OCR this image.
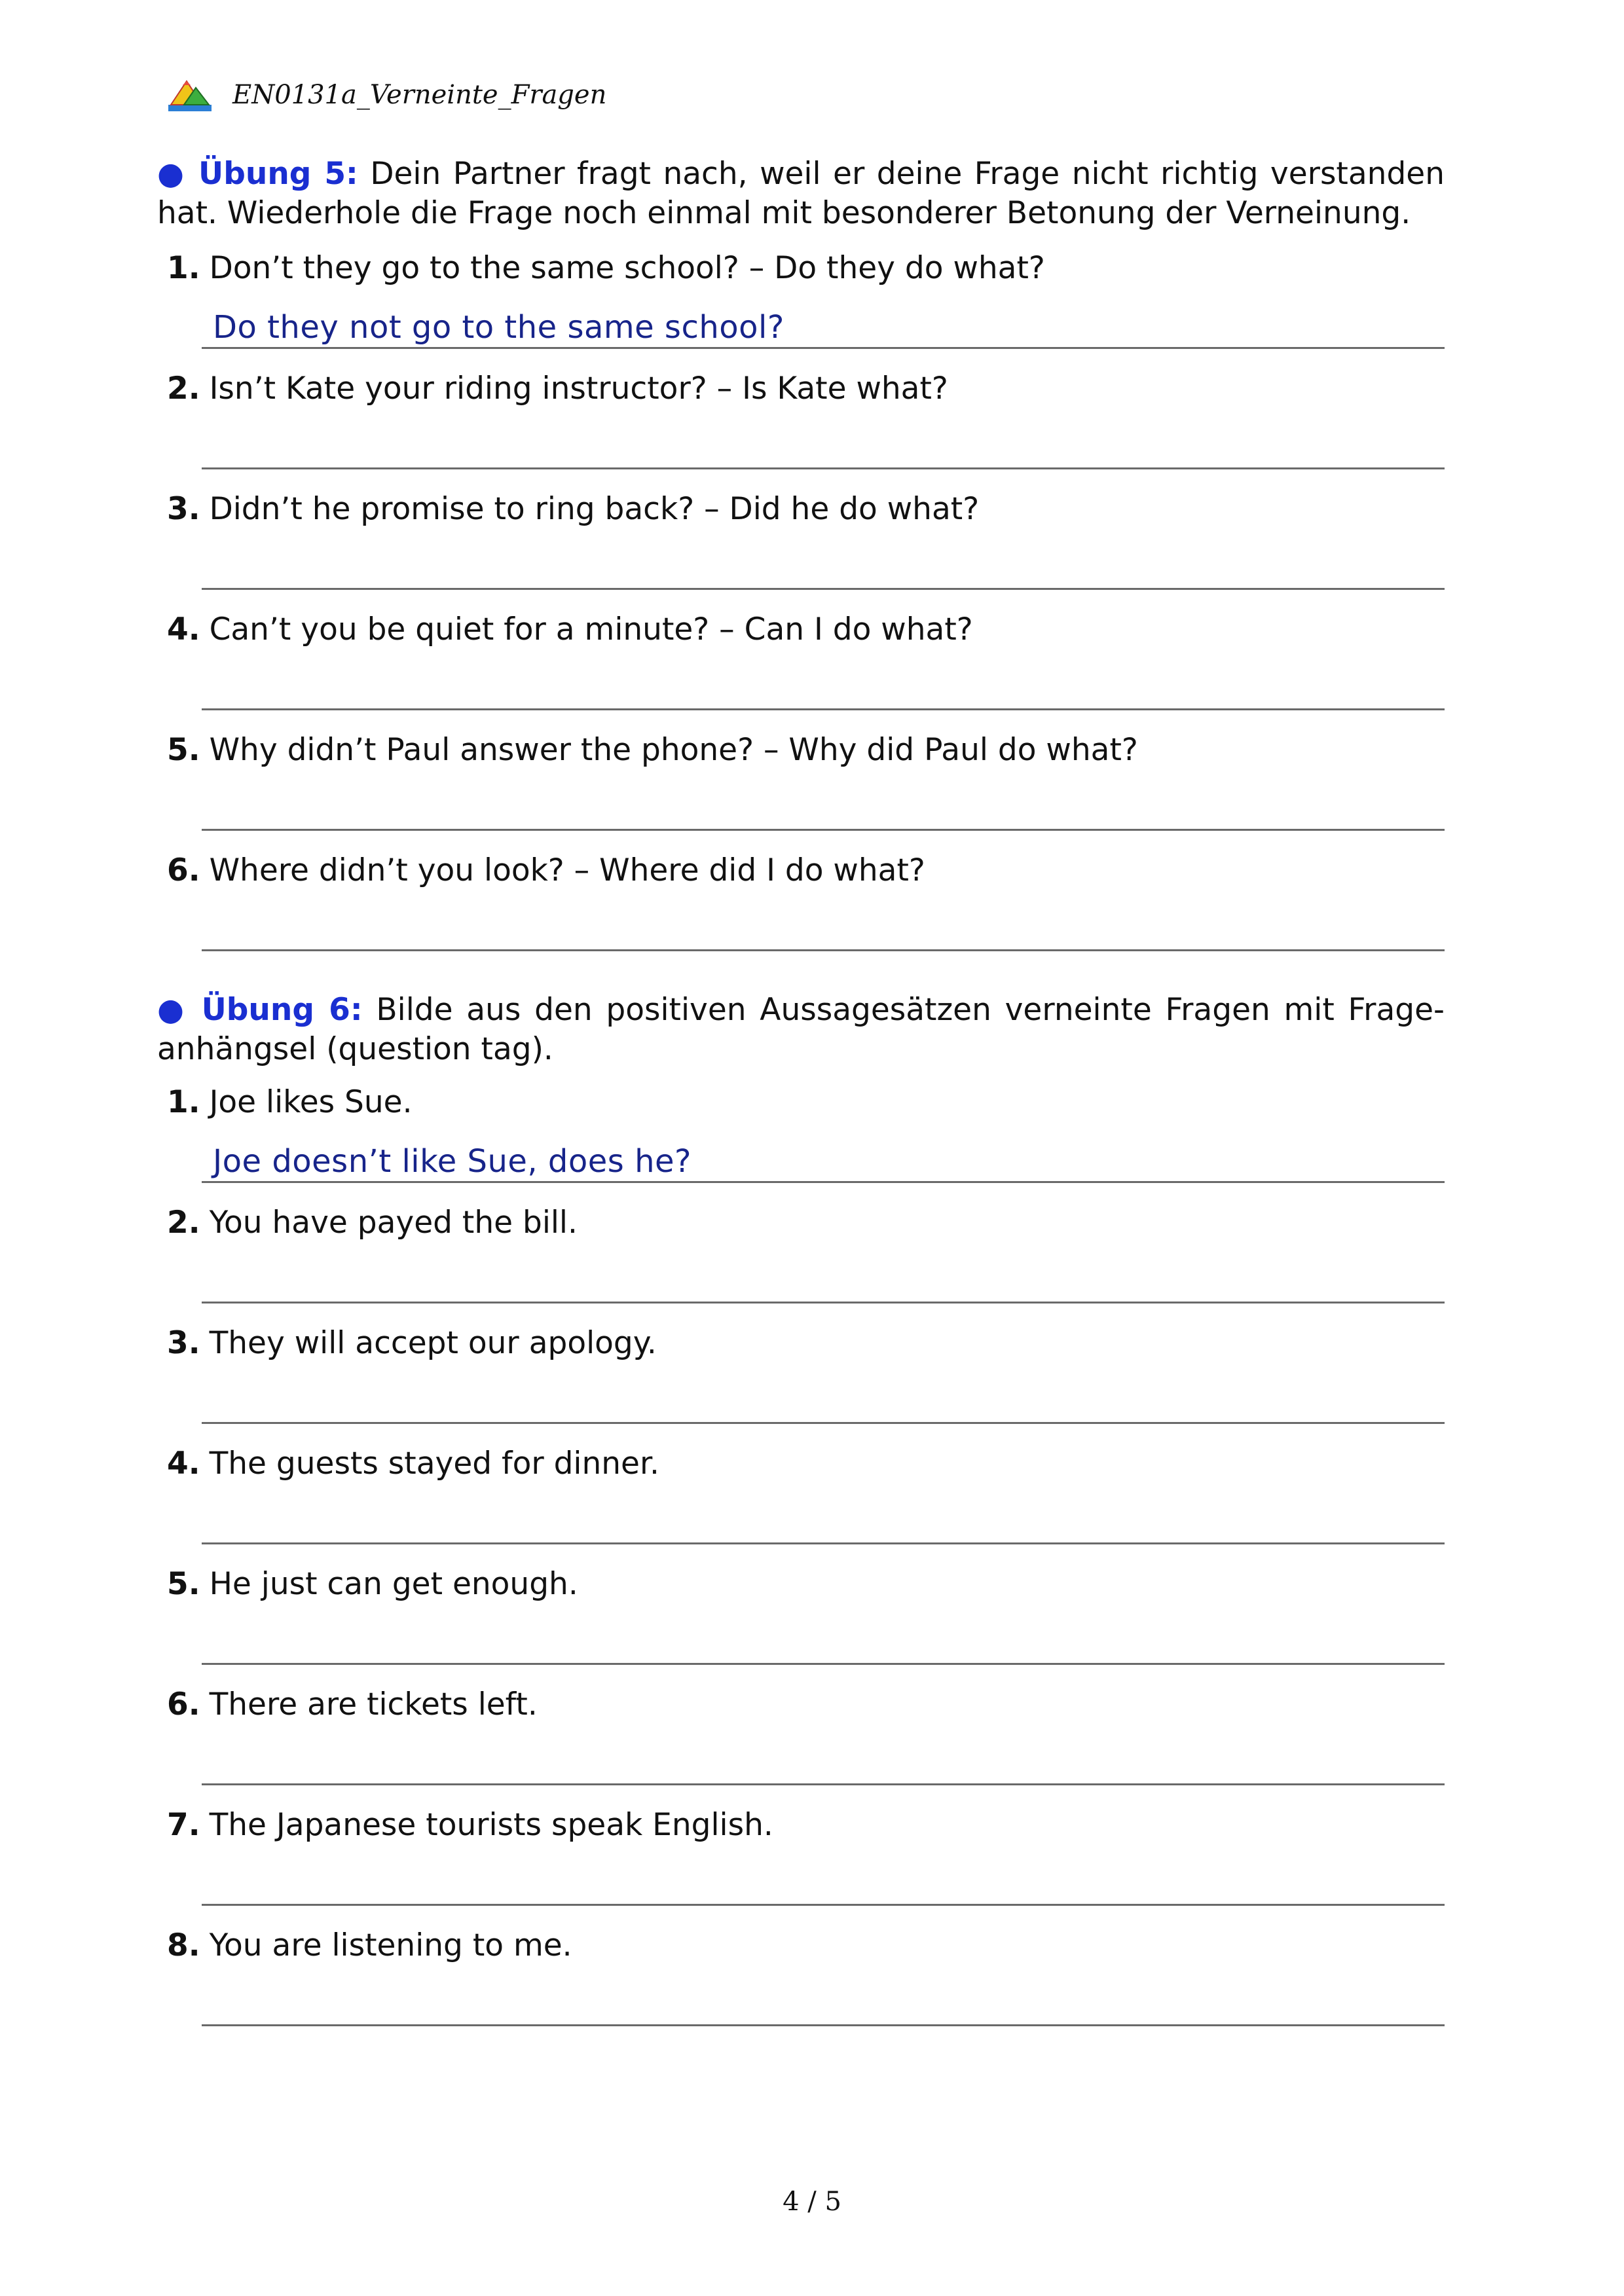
EN0131a_Verneinte_Fragen

● Übung 5: Dein Partner fragt nach, weil er deine Frage nicht richtig verstanden hat. Wiederhole die Frage noch einmal mit besonderer Betonung der Verneinung.

1. Don’t they go to the same school? – Do they do what?
Do they not go to the same school?
2. Isn’t Kate your riding instructor? – Is Kate what?
3. Didn’t he promise to ring back? – Did he do what?
4. Can’t you be quiet for a minute? – Can I do what?
5. Why didn’t Paul answer the phone? – Why did Paul do what?
6. Where didn’t you look? – Where did I do what?

● Übung 6: Bilde aus den positiven Aussagesätzen verneinte Fragen mit Frage-anhängsel (question tag).

1. Joe likes Sue.
Joe doesn’t like Sue, does he?
2. You have payed the bill.
3. They will accept our apology.
4. The guests stayed for dinner.
5. He just can get enough.
6. There are tickets left.
7. The Japanese tourists speak English.
8. You are listening to me.
4 / 5
